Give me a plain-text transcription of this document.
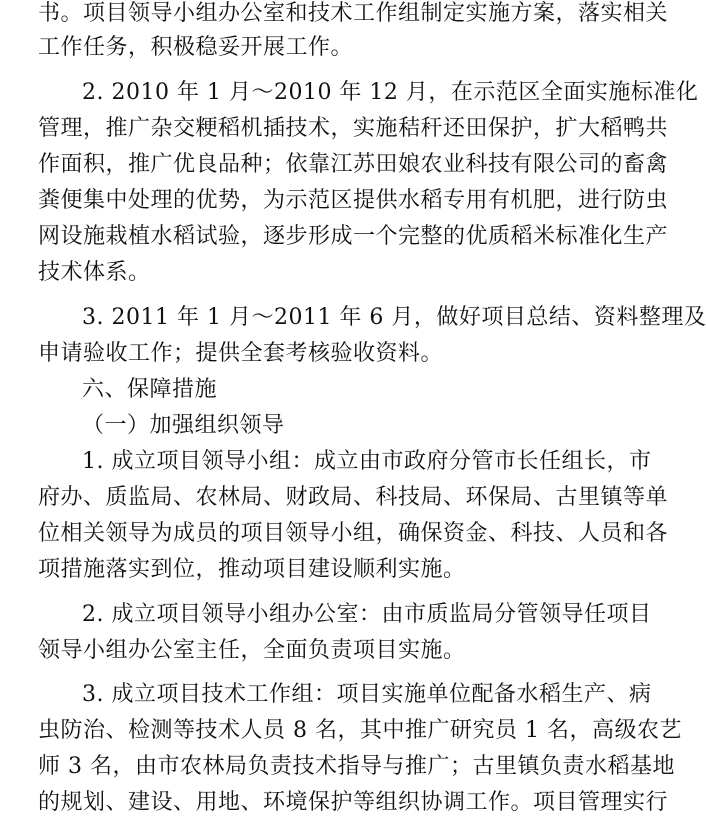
书。项目领导小组办公室和技术工作组制定实施方案，落实相关
工作任务，积极稳妥开展工作。
2. 2010 年 1 月～2010 年 12 月，在示范区全面实施标准化
管理，推广杂交粳稻机插技术，实施秸秆还田保护，扩大稻鸭共
作面积，推广优良品种；依靠江苏田娘农业科技有限公司的畜禽
粪便集中处理的优势，为示范区提供水稻专用有机肥，进行防虫
网设施栽植水稻试验，逐步形成一个完整的优质稻米标准化生产
技术体系。
3. 2011 年 1 月～2011 年 6 月，做好项目总结、资料整理及
申请验收工作；提供全套考核验收资料。
六、保障措施
（一）加强组织领导
1. 成立项目领导小组：成立由市政府分管市长任组长，市
府办、质监局、农林局、财政局、科技局、环保局、古里镇等单
位相关领导为成员的项目领导小组，确保资金、科技、人员和各
项措施落实到位，推动项目建设顺利实施。
2. 成立项目领导小组办公室：由市质监局分管领导任项目
领导小组办公室主任，全面负责项目实施。
3. 成立项目技术工作组：项目实施单位配备水稻生产、病
虫防治、检测等技术人员 8 名，其中推广研究员 1 名，高级农艺
师 3 名，由市农林局负责技术指导与推广；古里镇负责水稻基地
的规划、建设、用地、环境保护等组织协调工作。项目管理实行
